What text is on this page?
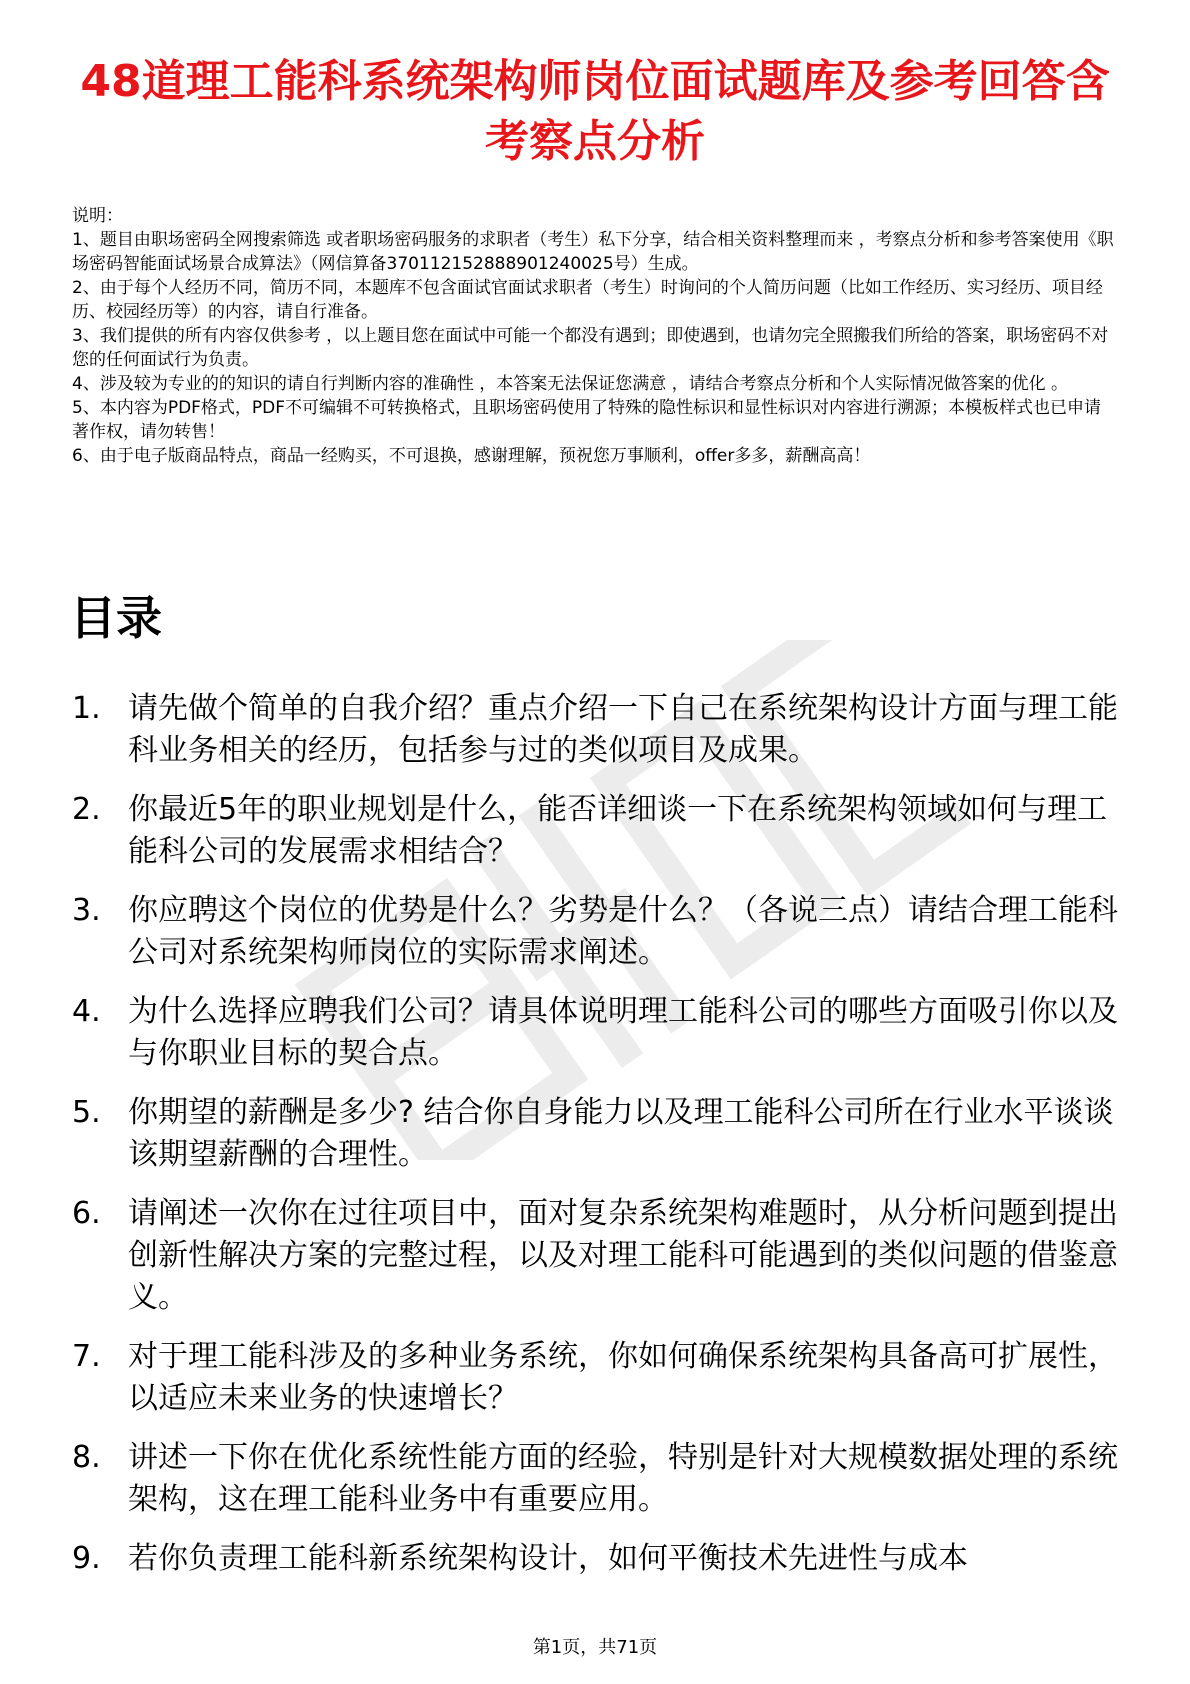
48道理工能科系统架构师岗位面试题库及参考回答含考察点分析
说明：
1、题目由职场密码全网搜索筛选 或者职场密码服务的求职者（考生）私下分享，结合相关资料整理而来 ，考察点分析和参考答案使用《职场密码智能面试场景合成算法》（网信算备370112152888901240025号）生成。
2、由于每个人经历不同，简历不同，本题库不包含面试官面试求职者（考生）时询问的个人简历问题（比如工作经历、实习经历、项目经历、校园经历等）的内容，请自行准备。
3、我们提供的所有内容仅供参考 ，以上题目您在面试中可能一个都没有遇到；即使遇到，也请勿完全照搬我们所给的答案，职场密码不对您的任何面试行为负责。
4、涉及较为专业的的知识的请自行判断内容的准确性 ，本答案无法保证您满意 ，请结合考察点分析和个人实际情况做答案的优化 。
5、本内容为PDF格式，PDF不可编辑不可转换格式，且职场密码使用了特殊的隐性标识和显性标识对内容进行溯源；本模板样式也已申请著作权，请勿转售！
6、由于电子版商品特点，商品一经购买，不可退换，感谢理解，预祝您万事顺利，offer多多，薪酬高高！
目录
1. 请先做个简单的自我介绍？重点介绍一下自己在系统架构设计方面与理工能科业务相关的经历，包括参与过的类似项目及成果。
2. 你最近5年的职业规划是什么，能否详细谈一下在系统架构领域如何与理工能科公司的发展需求相结合？
3. 你应聘这个岗位的优势是什么？劣势是什么？（各说三点）请结合理工能科公司对系统架构师岗位的实际需求阐述。
4. 为什么选择应聘我们公司？请具体说明理工能科公司的哪些方面吸引你以及与你职业目标的契合点。
5. 你期望的薪酬是多少? 结合你自身能力以及理工能科公司所在行业水平谈谈该期望薪酬的合理性。
6. 请阐述一次你在过往项目中，面对复杂系统架构难题时，从分析问题到提出创新性解决方案的完整过程，以及对理工能科可能遇到的类似问题的借鉴意义。
7. 对于理工能科涉及的多种业务系统，你如何确保系统架构具备高可扩展性，以适应未来业务的快速增长？
8. 讲述一下你在优化系统性能方面的经验，特别是针对大规模数据处理的系统架构，这在理工能科业务中有重要应用。
9. 若你负责理工能科新系统架构设计，如何平衡技术先进性与成本
第1页，共71页
